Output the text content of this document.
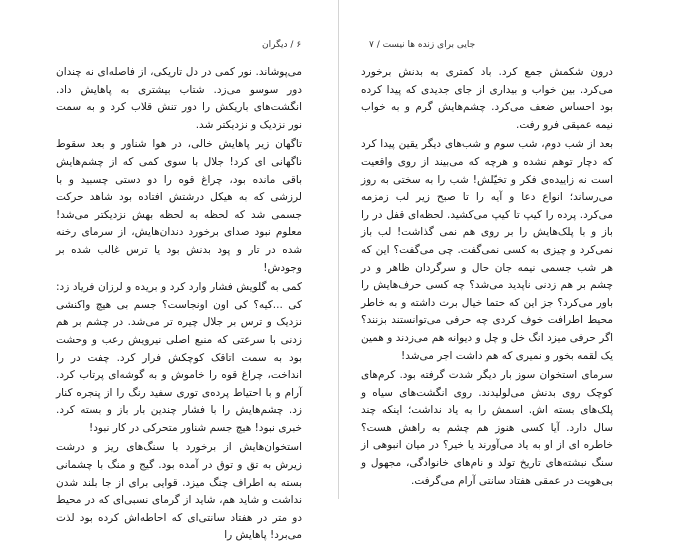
۶ / دیگران

می‌پوشاند. نور کمی در دل تاریکی، از فاصله‌ای نه چندان دور سوسو می‌زد. شتاب بیشتری به پاهایش داد. انگشت‌های باریکش را دور تنش قلاب کرد و به سمت نور نزدیک و نزدیکتر شد.

تاگهان زیر پاهایش خالی، در هوا شناور و بعد سقوط ناگهانی ای کرد! جلال با سوی کمی که از چشم‌هایش باقی مانده بود، چراغ قوه را دو دستی چسبید و با لرزشی که به هیکل درشتش افتاده بود شاهد حرکت جسمی شد که لحظه به لحظه بهش نزدیکتر می‌شد! معلوم نبود صدای برخورد دندان‌هایش، از سرمای رخنه شده در تار و پود بدنش بود یا ترس غالب شده بر وجودش!

کمی به گلویش فشار وارد کرد و بریده و لرزان فریاد زد: کی ...کیه؟ کی اون اونجاست؟ جسم بی هیچ واکنشی نزدیک و ترس بر جلال چیره تر می‌شد. در چشم بر هم زدنی با سرعتی که منبع اصلی نیرویش رعب و وحشت بود به سمت اتاقک کوچکش فرار کرد. چفت در را انداخت، چراغ قوه را خاموش و به گوشه‌ای پرتاب کرد. آرام و با احتیاط پرده‌ی توری سفید رنگ را از پنجره کنار زد. چشم‌هایش را با فشار چندین بار باز و بسته کرد. خبری نبود! هیچ جسم شناور متحرکی در کار نبود!

استخوان‌هایش از برخورد با سنگ‌های ریز و درشت زیرش به تق و توق در آمده بود. گیج و منگ با چشمانی بسته به اطراف چنگ میزد. قوایی برای از جا بلند شدن نداشت و شاید هم، شاید از گرمای نسبی‌ای که در محیط دو متر در هفتاد سانتی‌ای که احاطه‌اش کرده بود لذت می‌برد! پاهایش را

جایی برای زنده ها نیست / ۷

درون شکمش جمع کرد. باد کمتری به بدنش برخورد می‌کرد. بین خواب و بیداری از جای جدیدی که پیدا کرده بود احساس ضعف می‌کرد. چشم‌هایش گرم و به خواب نیمه عمیقی فرو رفت.

بعد از شب دوم، شب سوم و شب‌های دیگر یقین پیدا کرد که دچار توهم نشده و هرچه که می‌بیند از روی واقعیت است نه زاییده‌ی فکر و تخیّلش! شب را به سختی به روز می‌رساند؛ انواع دعا و آیه را تا صبح زیر لب زمزمه می‌کرد. پرده را کیپ تا کیپ می‌کشید. لحظه‌ای قفل در را باز و با پلک‌هایش را بر روی هم نمی گذاشت! لب باز نمی‌کرد و چیزی به کسی نمی‌گفت. چی می‌گفت؟ این که هر شب جسمی نیمه جان حال و سرگردان ظاهر و در چشم بر هم زدنی ناپدید می‌شد؟ چه کسی حرف‌هایش را باور می‌کرد؟ جز این که حتما خیال برت داشته و به خاطر محیط اطرافت خوف کردی چه حرفی می‌توانستند بزنند؟ اگر حرفی میزد انگ خل و چل و دیوانه هم می‌زدند و همین یک لقمه بخور و نمیری که هم داشت اجر می‌شد!

سرمای استخوان سوز بار دیگر شدت گرفته بود. کرم‌های کوچک روی بدنش می‌لولیدند. روی انگشت‌های سیاه و پلک‌های بسته اش. اسمش را به یاد نداشت؛ اینکه چند سال دارد. آیا کسی هنوز هم چشم به راهش هست؟ خاطره ای از او به یاد می‌آورند یا خیر؟ در میان انبوهی از سنگ نبشته‌های تاریخ تولد و نام‌های خانوادگی، مجهول و بی‌هویت در عمقی هفتاد سانتی آرام می‌گرفت.
